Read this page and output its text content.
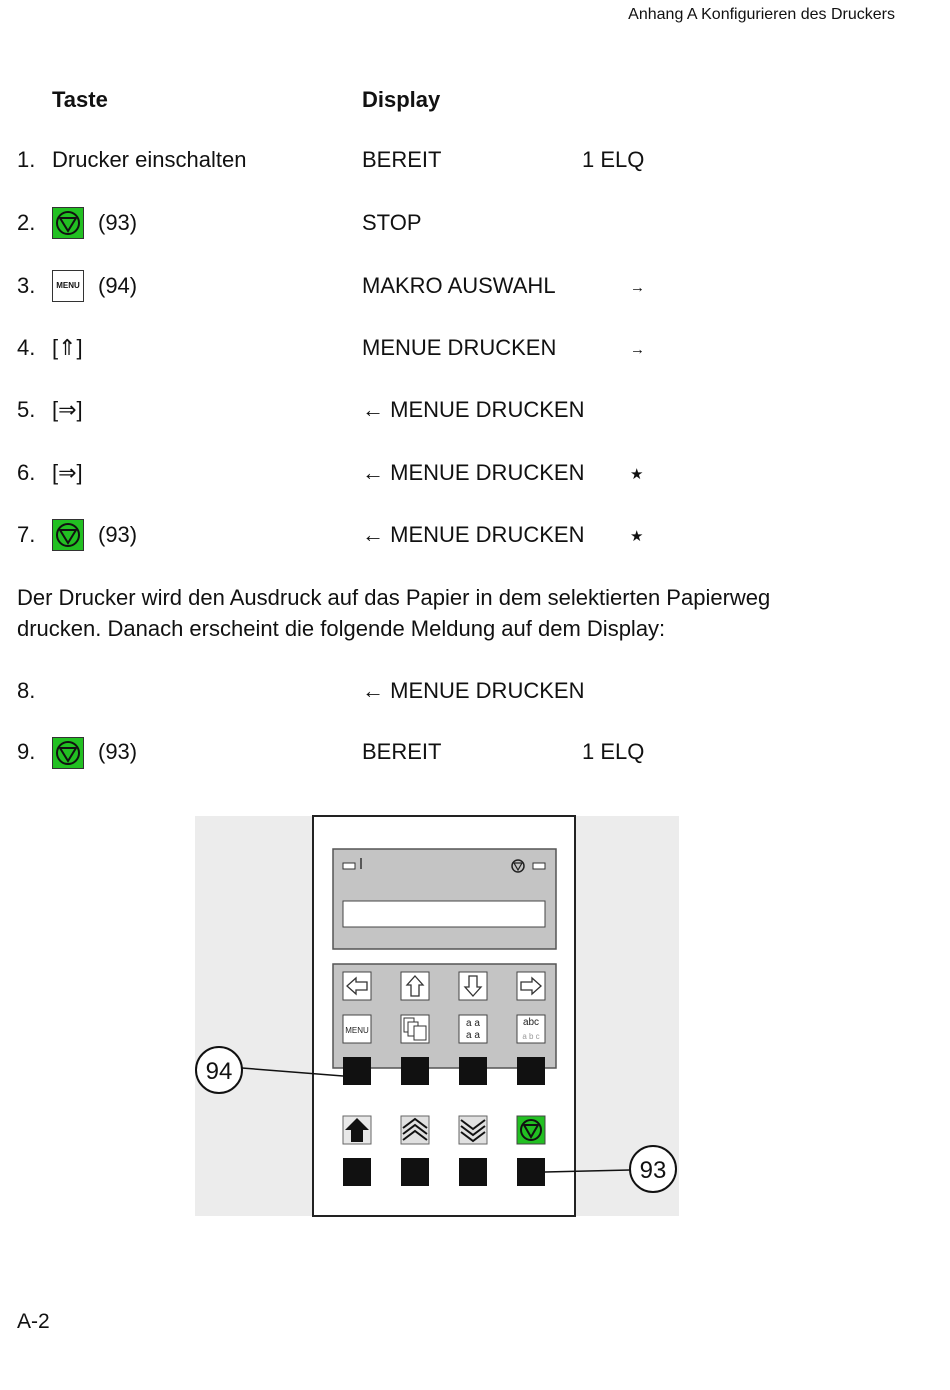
Anhang A Konfigurieren des Druckers
Taste	Display
1. Drucker einschalten	BEREIT	1 ELQ
2.	(93)	STOP
3.	MENU (94)	MAKRO AUSWAHL	→
4. [⇑]	MENUE DRUCKEN	→
5. [⇒]	← MENUE DRUCKEN
6. [⇒]	← MENUE DRUCKEN	★
7.	(93)	← MENUE DRUCKEN	★
Der Drucker wird den Ausdruck auf das Papier in dem selektierten Papierweg drucken. Danach erscheint die folgende Meldung auf dem Display:
8.	← MENUE DRUCKEN
9.	(93)	BEREIT	1 ELQ
MENU
a a
a a
abc
a b c
94
93
A-2
